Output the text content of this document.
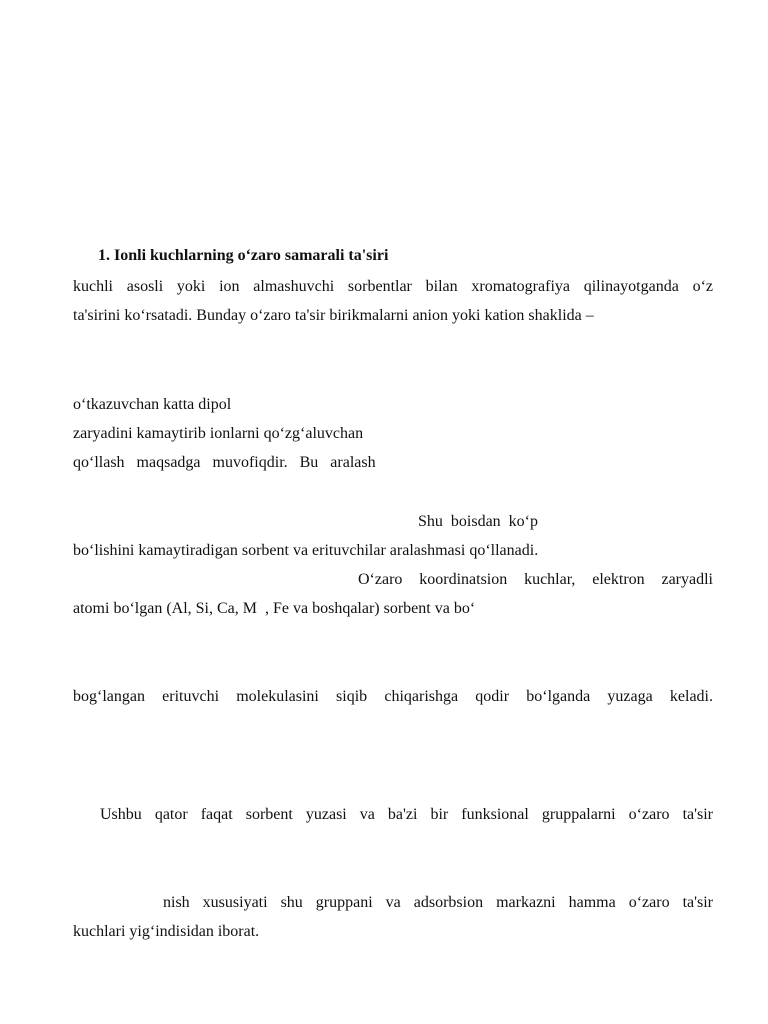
1. Ionli kuchlarning o‘zaro samarali ta'siri
kuchli asosli yoki ion almashuvchi sorbentlar bilan xromatografiya qilinayotganda o‘z
ta'sirini ko‘rsatadi. Bunday o‘zaro ta'sir birikmalarni anion yoki kation shaklida –
o‘tkazuvchan katta dipol
zaryadini kamaytirib ionlarni qo‘zg‘aluvchan
qo‘llash   maqsadga   muvofiqdir.   Bu   aralash
Shu  boisdan  ko‘p
bo‘lishini kamaytiradigan sorbent va erituvchilar aralashmasi qo‘llanadi.
O‘zaro koordinatsion kuchlar, elektron zaryadli
atomi bo‘lgan (Al, Si, Ca, M  , Fe va boshqalar) sorbent va bo‘
bog‘langan erituvchi molekulasini siqib chiqarishga qodir bo‘lganda yuzaga keladi.
Ushbu qator faqat sorbent yuzasi va ba'zi bir funksional gruppalarni o‘zaro ta'sir
nish xususiyati shu gruppani va adsorbsion markazni hamma o‘zaro ta'sir
kuchlari yig‘indisidan iborat.
